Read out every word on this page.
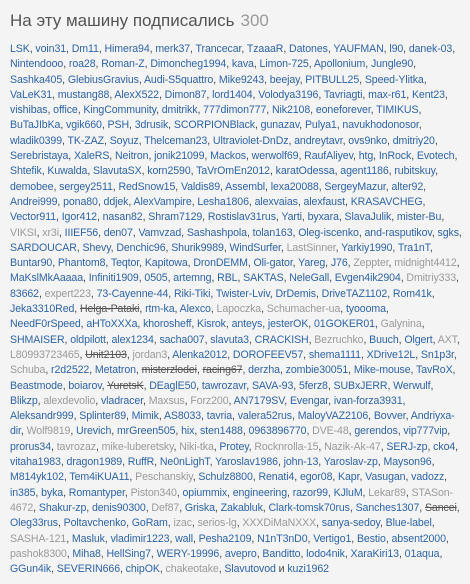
На эту машину подписались 300
LSK, voin31, Dm11, Himera94, merk37, Trancecar, TzaaaR, Datones, YAUFMAN, l90, danek-03, Nintendooo, roa28, Roman-Z, Dimoncheg1994, kava, Limon-725, Apollonium, Jungle90, Sashka405, GlebiusGravius, Audi-S5quattro, Mike9243, beejay, PITBULL25, Speed-Ylitka, VaLeK31, mustang88, AlexX522, Dimon87, lord1404, Volodya3196, Tavriagti, max-r61, Kent23, vishibas, office, KingCommunity, dmitrikk, 777dimon777, Nik2108, eoneforever, TIMIKUS, BuTaJIbKa, vgik660, PSH, 3drusik, SCORPIONBlack, gunazav, Pulya1, navukhodonosor, wladik0399, TK-ZAZ, Soyuz, Thelceman23, Ultraviolet-DnDz, andreytavr, ovs9nko, dmitriy20, Serebristaya, XaleRS, Neitron, jonik21099, Mackos, werwolf69, RaufAliyev, htg, InRock, Evotech, Shtefik, Kuwalda, SlavutaSX, korn2590, TaVrOmEn2012, karatOdessa, agent1186, rubitskuy, demobee, sergey2511, RedSnow15, Valdis89, Assembl, lexa20088, SergeyMazur, alter92, Andrei999, pona80, ddjek, AlexVampire, Lesha1806, alexvaias, alexfaust, KRASAVCHEG, Vector911, Igor412, nasan82, Shram7129, Rostislav31rus, Yarti, byxara, SlavaJulik, mister-Bu, VIKSI, xr3i, IIIEF56, den07, Vamvzad, Sashashpola, tolan163, Oleg-iscenko, and-rasputikov, sgks, SARDOUCAR, Shevy, Denchic96, Shurik9989, WindSurfer, LastSinner, Yarkiy1990, Tra1nT, Buntar90, Phantom8, Teqtor, Kapitowa, DronDEMM, Oli-gator, Yareg, J76, Zeppter, midnight4412, MaKslMkAaaaa, Infiniti1909, 0505, artemng, RBL, SAKTAS, NeleGall, Evgen4ik2904, Dmitriy333, 83662, expert223, 73-Cayenne-44, Riki-Tiki, Twister-Lviv, DrDemis, DriveTAZ1102, Rom41k, Jeka3310Red, Helga-Pataki, rtm-ka, Alexco, Lapoczka, Schumacher-ua, tyoooma, NeedF0rSpeed, aHToXXXa, khorosheff, Kisrok, anteys, jesterOK, 01GOKER01, Galynina, SHMAISER, oldpilott, alex1234, sacha007, slavuta3, CRACKISH, Bezruchko, Buuch, Olgert, AXT, L80993723465, Unit2103, jordan3, Alenka2012, DOROFEEV57, shema1111, XDrive12L, Sn1p3r, Schuba, r2d2522, Metatron, misterzlodei, racing67, derzha, zombie30051, Mike-mouse, TavRoX, Beastmode, boiarov, YuretsK, DEaglE50, tawrozavr, SAVA-93, 5ferz8, SUBxJERR, Werwulf, Blikzp, alexdevolio, vladracer, Maxsus, Forz200, AN7179SV, Evengar, ivan-forza3931, Aleksandr999, Splinter89, Mimik, AS8033, tavria, valera52rus, MaloyVAZ2106, Bovver, Andriyxa-dir, Wolf9819, Urevich, mrGreen505, hix, sten1488, 0963896770, DVE-48, gerendos, vip777vip, prorus34, tavrozaz, mike-luberetsky, Niki-tka, Protey, Rocknrolla-15, Nazik-Ak-47, SERJ-zp, cko4, vitaha1983, dragon1989, RuffR, Ne0nLighT, Yaroslav1986, john-13, Yaroslav-zp, Mayson96, M814yk102, Tem4iKUA11, Peschanskiy, Schulz8800, Renati4, egor08, Kapr, Vasugan, vadozz, in385, byka, Romantyper, Piston340, opiummix, engineering, razor99, KJluM, Lekar89, STASon-4672, Shakur-zp, denis90300, Def87, Griska, Zakabluk, Clark-tomsk70rus, Sanches1307, Sancei, Oleg33rus, Poltavchenko, GoRam, izac, serios-lg, XXXDiMaNXXX, sanya-sedoy, Blue-label, SASHA-121, Masluk, vladimir1223, wall, Pesha2109, N1nT3nD0, Vertigo1, Bestio, absent2000, pashok8300, Miha8, HellSing7, WERY-19996, avepro, Banditto, lodo4nik, XaraKiri13, 01aqua, GGun4ik, SEVERIN666, chipOK, chakeotake, Slavutovod и kuzi1962
